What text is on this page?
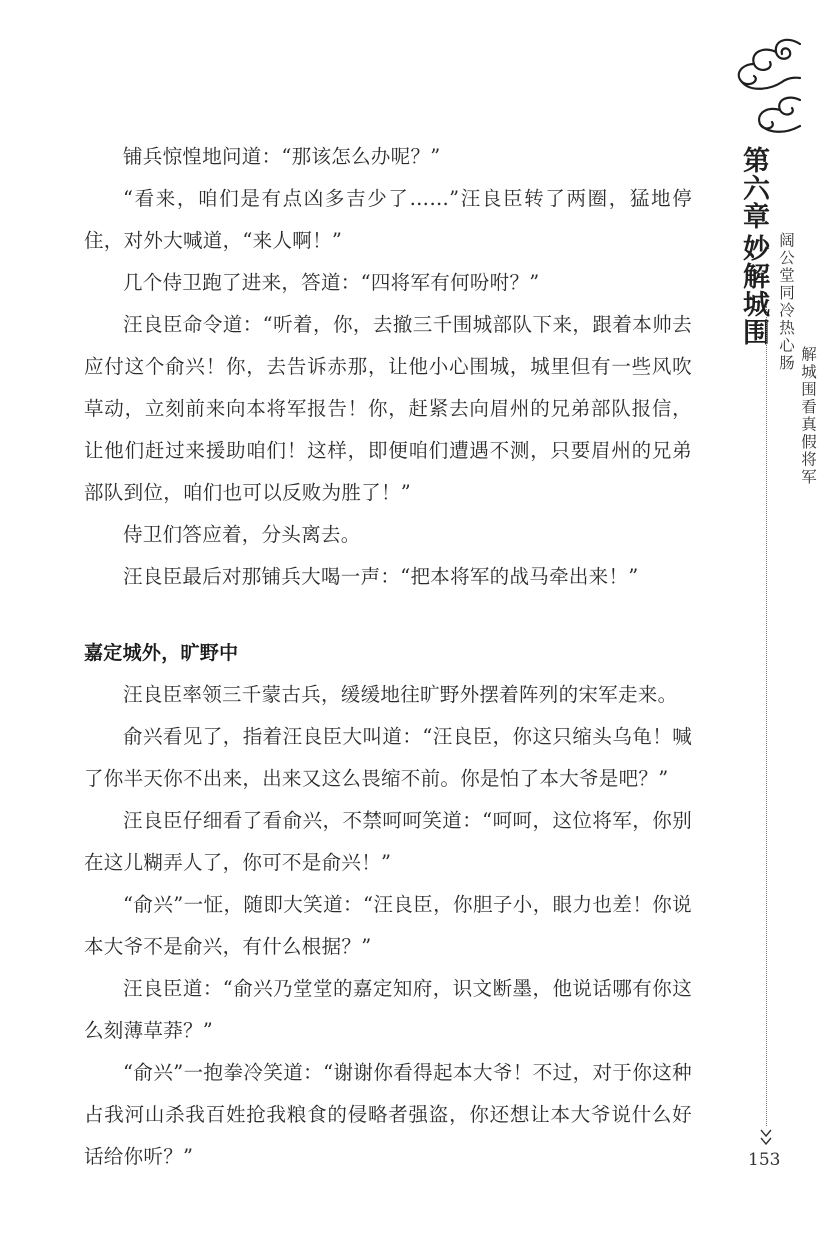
铺兵惊惶地问道：“那该怎么办呢？”

“看来，咱们是有点凶多吉少了……”汪良臣转了两圈，猛地停住，对外大喊道，“来人啊！”

几个侍卫跑了进来，答道：“四将军有何吩咐？”

汪良臣命令道：“听着，你，去撤三千围城部队下来，跟着本帅去应付这个俞兴！你，去告诉赤那，让他小心围城，城里但有一些风吹草动，立刻前来向本将军报告！你，赶紧去向眉州的兄弟部队报信，让他们赶过来援助咱们！这样，即便咱们遭遇不测，只要眉州的兄弟部队到位，咱们也可以反败为胜了！”

侍卫们答应着，分头离去。

汪良臣最后对那铺兵大喝一声：“把本将军的战马牵出来！”

嘉定城外，旷野中

汪良臣率领三千蒙古兵，缓缓地往旷野外摆着阵列的宋军走来。

俞兴看见了，指着汪良臣大叫道：“汪良臣，你这只缩头乌龟！喊了你半天你不出来，出来又这么畏缩不前。你是怕了本大爷是吧？”

汪良臣仔细看了看俞兴，不禁呵呵笑道：“呵呵，这位将军，你别在这儿糊弄人了，你可不是俞兴！”

“俞兴”一怔，随即大笑道：“汪良臣，你胆子小，眼力也差！你说本大爷不是俞兴，有什么根据？”

汪良臣道：“俞兴乃堂堂的嘉定知府，识文断墨，他说话哪有你这么刻薄草莽？”

“俞兴”一抱拳冷笑道：“谢谢你看得起本大爷！不过，对于你这种占我河山杀我百姓抢我粮食的侵略者强盗，你还想让本大爷说什么好话给你听？”

第六章
妙解城围 阔公堂同冷热心肠
解城围看真假将军
153
